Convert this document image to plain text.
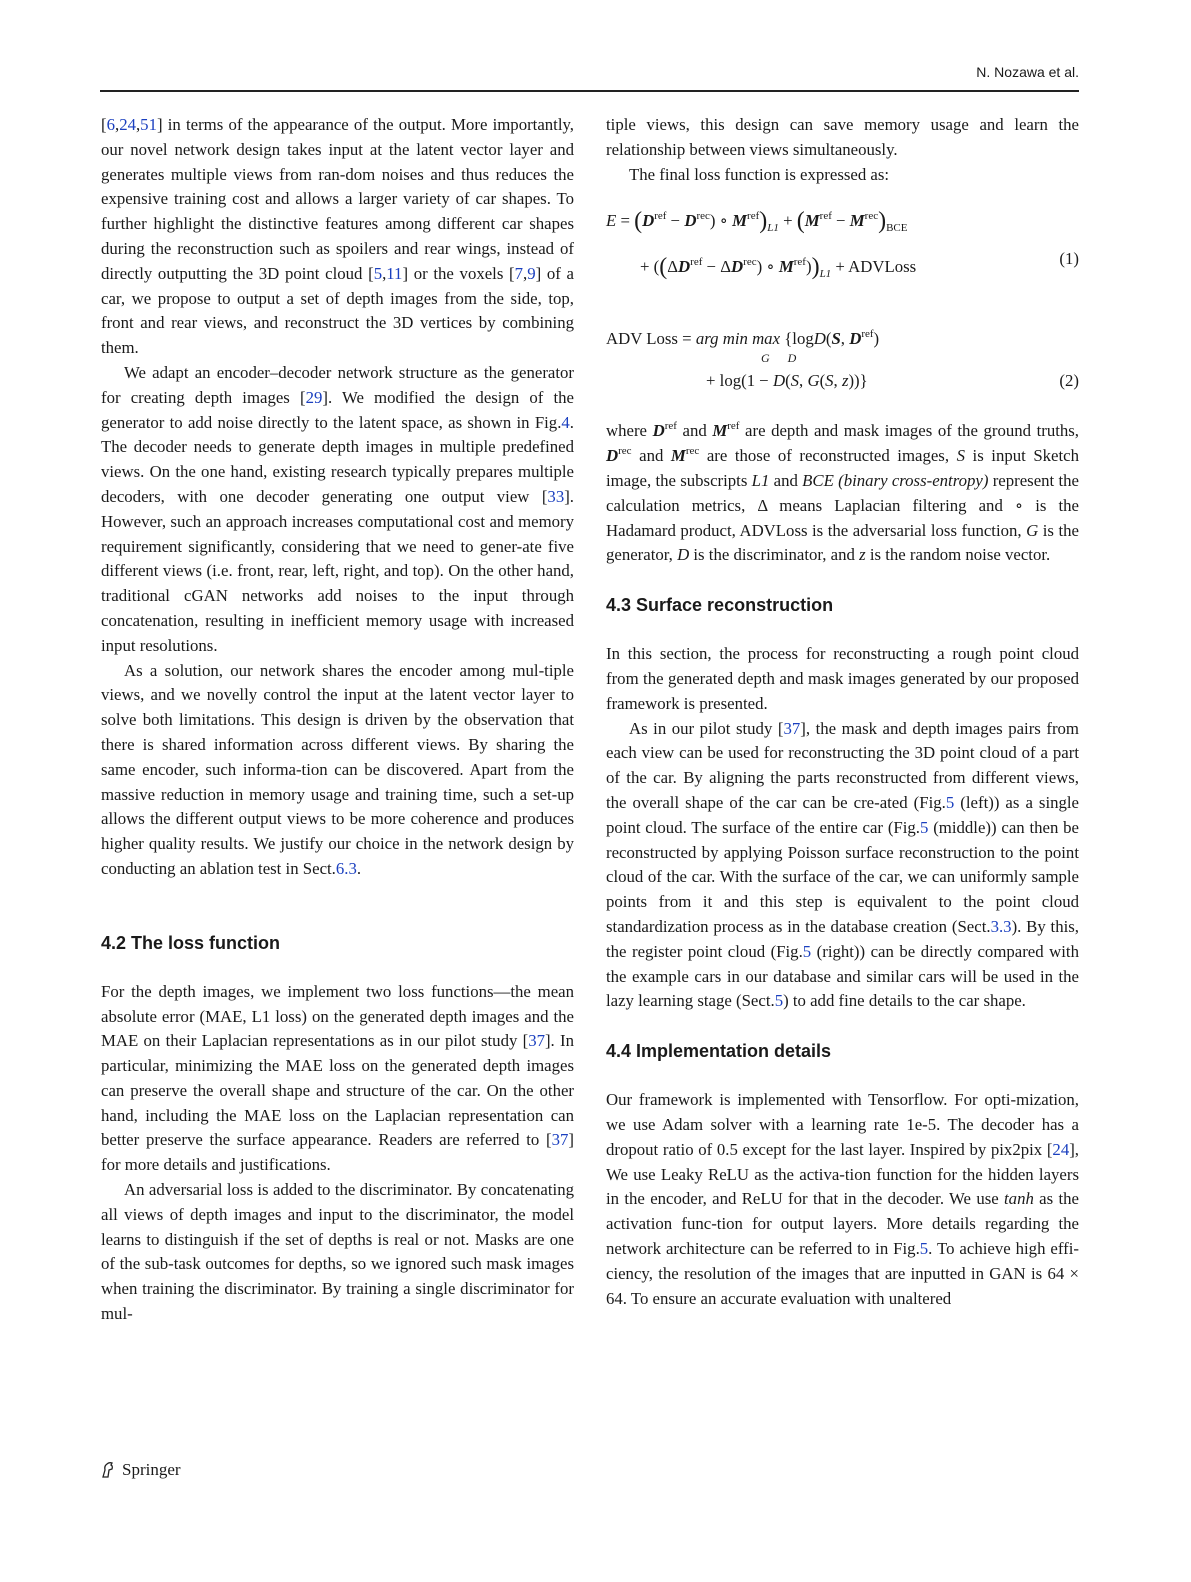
N. Nozawa et al.

[6,24,51] in terms of the appearance of the output. More importantly, our novel network design takes input at the latent vector layer and generates multiple views from ran-dom noises and thus reduces the expensive training cost and allows a larger variety of car shapes. To further highlight the distinctive features among different car shapes during the reconstruction such as spoilers and rear wings, instead of directly outputting the 3D point cloud [5,11] or the voxels [7,9] of a car, we propose to output a set of depth images from the side, top, front and rear views, and reconstruct the 3D vertices by combining them.

We adapt an encoder–decoder network structure as the generator for creating depth images [29]. We modified the design of the generator to add noise directly to the latent space, as shown in Fig.4. The decoder needs to generate depth images in multiple predefined views. On the one hand, existing research typically prepares multiple decoders, with one decoder generating one output view [33]. However, such an approach increases computational cost and memory requirement significantly, considering that we need to gener-ate five different views (i.e. front, rear, left, right, and top). On the other hand, traditional cGAN networks add noises to the input through concatenation, resulting in inefficient memory usage with increased input resolutions.

As a solution, our network shares the encoder among mul-tiple views, and we novelly control the input at the latent vector layer to solve both limitations. This design is driven by the observation that there is shared information across different views. By sharing the same encoder, such informa-tion can be discovered. Apart from the massive reduction in memory usage and training time, such a set-up allows the different output views to be more coherence and produces higher quality results. We justify our choice in the network design by conducting an ablation test in Sect.6.3.

4.2 The loss function

For the depth images, we implement two loss functions—the mean absolute error (MAE, L1 loss) on the generated depth images and the MAE on their Laplacian representations as in our pilot study [37]. In particular, minimizing the MAE loss on the generated depth images can preserve the overall shape and structure of the car. On the other hand, including the MAE loss on the Laplacian representation can better preserve the surface appearance. Readers are referred to [37] for more details and justifications.

An adversarial loss is added to the discriminator. By concatenating all views of depth images and input to the discriminator, the model learns to distinguish if the set of depths is real or not. Masks are one of the sub-task outcomes for depths, so we ignored such mask images when training the discriminator. By training a single discriminator for mul-

tiple views, this design can save memory usage and learn the relationship between views simultaneously.

The final loss function is expressed as:

$E = (D^{ref} - D^{rec})$ ∘ $M^{ref})_{L1} + (M^{ref} - M^{rec})_{BCE}$
+ ($(\Delta D^{ref} - \Delta D^{rec})$ ∘ $M^{ref}))_{L1}$ + ADVLoss	(1)
ADV Loss = arg min max {logD(S, $D^{ref}$)
G      D
+ log(1 − D(S, G(S, z))}	(2)

where $D^{ref}$ and $M^{ref}$ are depth and mask images of the ground truths, $D^{rec}$ and $M^{rec}$ are those of reconstructed images, S is input Sketch image, the subscripts L1 and BCE (binary cross-entropy) represent the calculation metrics, Δ means Laplacian filtering and ∘ is the Hadamard product, ADVLoss is the adversarial loss function, G is the generator, D is the discriminator, and z is the random noise vector.

4.3 Surface reconstruction

In this section, the process for reconstructing a rough point cloud from the generated depth and mask images generated by our proposed framework is presented.

As in our pilot study [37], the mask and depth images pairs from each view can be used for reconstructing the 3D point cloud of a part of the car. By aligning the parts reconstructed from different views, the overall shape of the car can be cre-ated (Fig.5 (left)) as a single point cloud. The surface of the entire car (Fig.5 (middle)) can then be reconstructed by applying Poisson surface reconstruction to the point cloud of the car. With the surface of the car, we can uniformly sample points from it and this step is equivalent to the point cloud standardization process as in the database creation (Sect.3.3). By this, the register point cloud (Fig.5 (right)) can be directly compared with the example cars in our database and similar cars will be used in the lazy learning stage (Sect.5) to add fine details to the car shape.

4.4 Implementation details

Our framework is implemented with Tensorflow. For opti-mization, we use Adam solver with a learning rate 1e-5. The decoder has a dropout ratio of 0.5 except for the last layer. Inspired by pix2pix [24], We use Leaky ReLU as the activa-tion function for the hidden layers in the encoder, and ReLU for that in the decoder. We use tanh as the activation func-tion for output layers. More details regarding the network architecture can be referred to in Fig.5. To achieve high effi-ciency, the resolution of the images that are inputted in GAN is 64 × 64. To ensure an accurate evaluation with unaltered

Springer
